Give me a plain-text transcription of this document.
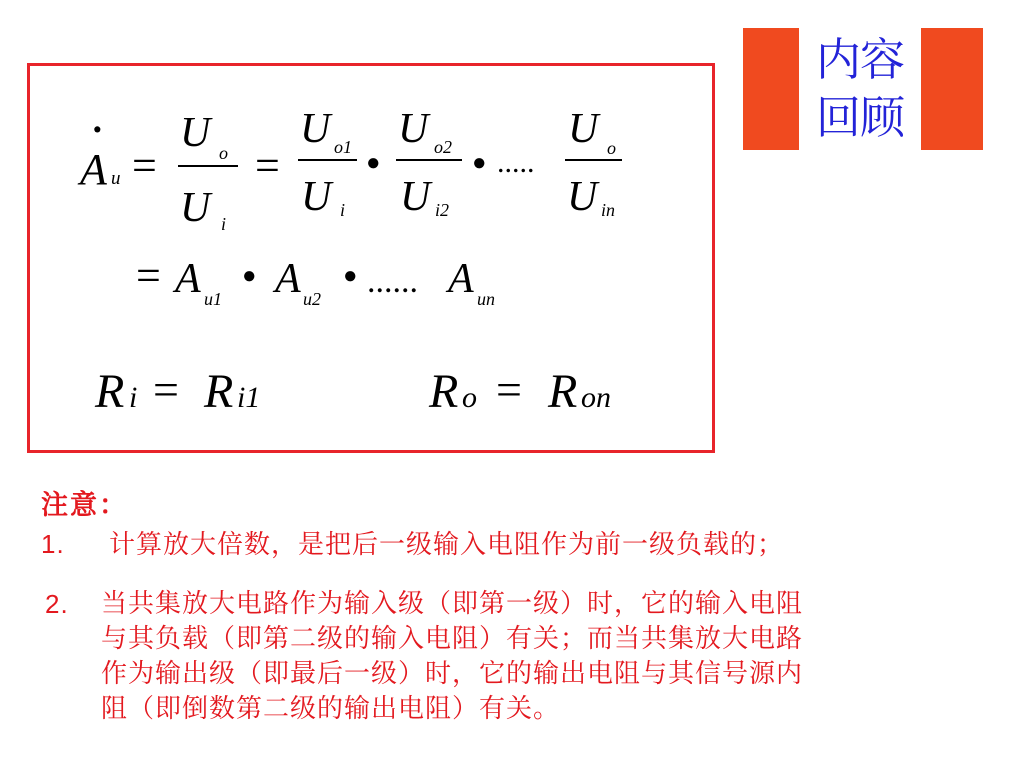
内容
回顾
·
A u =
U o
U i
=
U o1
U i
●
U o2
U i2
● .....
U o
U in
= A u1
● A u2
● ...... A un
R i = R i1	R o = R on
注意：
1. 计算放大倍数，是把后一级输入电阻作为前一级负载的；
2. 当共集放大电路作为输入级（即第一级）时，它的输入电阻
与其负载（即第二级的输入电阻）有关；而当共集放大电路
作为输出级（即最后一级）时，它的输出电阻与其信号源内
阻（即倒数第二级的输出电阻）有关。
